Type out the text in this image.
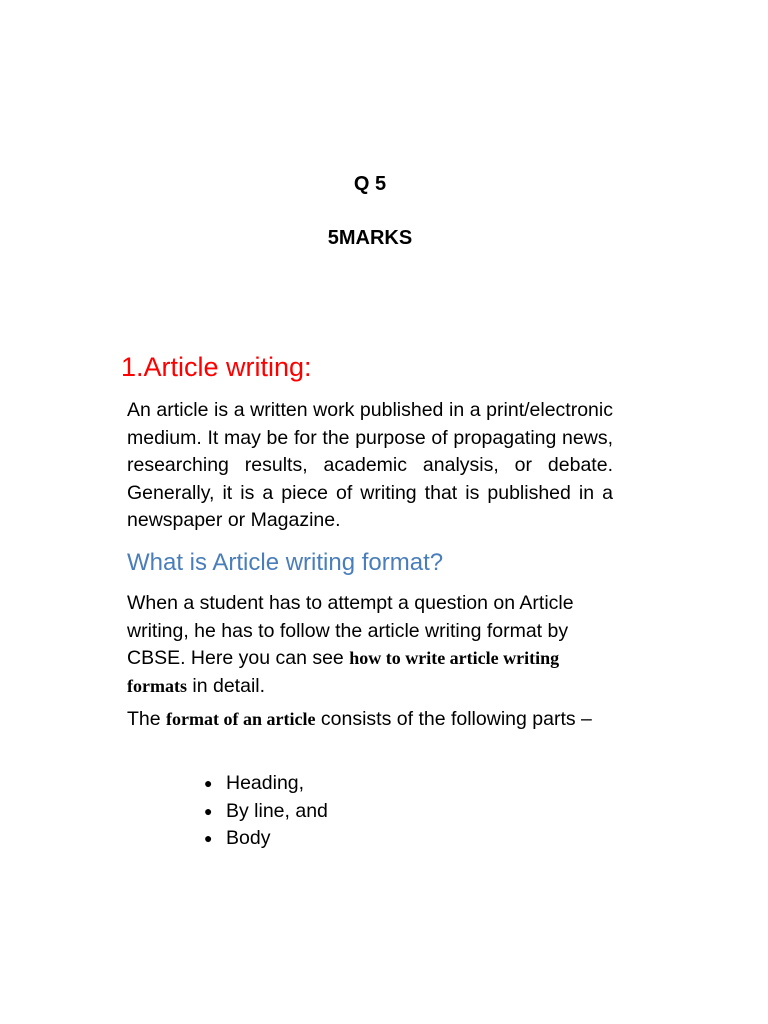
Q 5
5MARKS
1.Article writing:

An article is a written work published in a print/electronic medium. It may be for the purpose of propagating news, researching results, academic analysis, or debate. Generally, it is a piece of writing that is published in a newspaper or Magazine.

What is Article writing format?

When a student has to attempt a question on Article writing, he has to follow the article writing format by CBSE. Here you can see how to write article writing formats in detail.

The format of an article consists of the following parts –

● Heading,
● By line, and
● Body
